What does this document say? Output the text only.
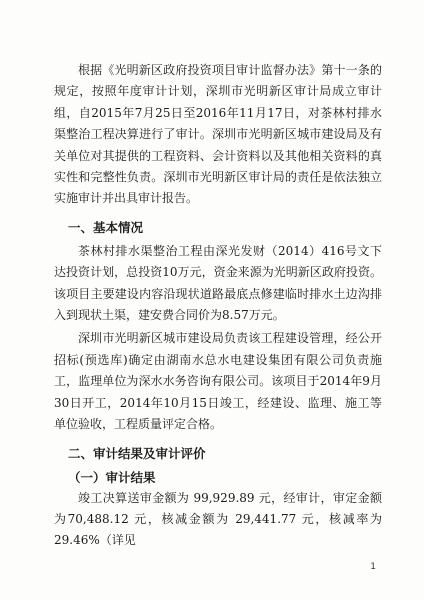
根据《光明新区政府投资项目审计监督办法》第十一条的规定，按照年度审计计划，深圳市光明新区审计局成立审计组，自2015年7月25日至2016年11月17日，对茶林村排水渠整治工程决算进行了审计。深圳市光明新区城市建设局及有关单位对其提供的工程资料、会计资料以及其他相关资料的真实性和完整性负责。深圳市光明新区审计局的责任是依法独立实施审计并出具审计报告。

一、基本情况

茶林村排水渠整治工程由深光发财（2014）416号文下达投资计划，总投资10万元，资金来源为光明新区政府投资。该项目主要建设内容沿现状道路最底点修建临时排水土边沟排入到现状土渠，建安费合同价为8.57万元。

深圳市光明新区城市建设局负责该工程建设管理，经公开招标(预选库)确定由湖南水总水电建设集团有限公司负责施工，监理单位为深水水务咨询有限公司。该项目于2014年9月30日开工，2014年10月15日竣工，经建设、监理、施工等单位验收，工程质量评定合格。

二、审计结果及审计评价
（一）审计结果

竣工决算送审金额为 99,929.89 元，经审计，审定金额为70,488.12 元，核减金额为 29,441.77 元，核减率为 29.46%（详见

1
